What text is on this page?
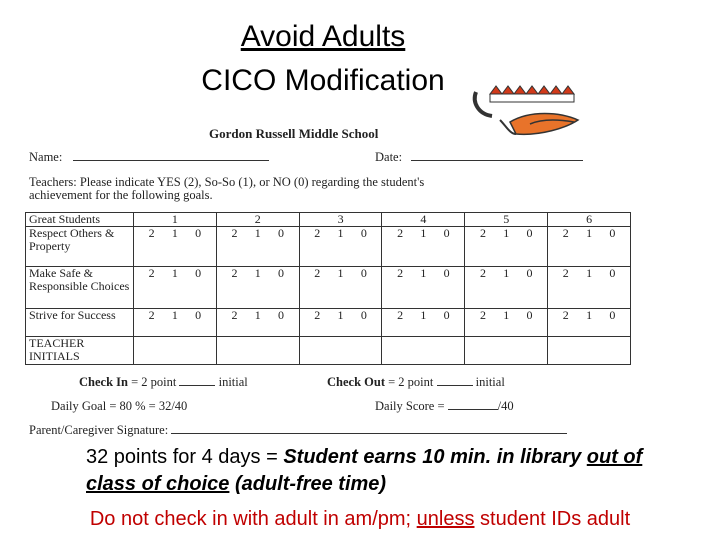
Avoid Adults
CICO Modification
Gordon Russell Middle School
Name:	Date:
Teachers: Please indicate YES (2), So-So (1), or NO (0) regarding the student's
achievement for the following goals.
Great Students	1	2	3	4	5	6
Respect Others & Property	2 1 0	2 1 0	2 1 0	2 1 0	2 1 0	2 1 0

Make Safe & Responsible Choices	2 1 0	2 1 0	2 1 0	2 1 0	2 1 0	2 1 0

Strive for Success	2 1 0	2 1 0	2 1 0	2 1 0	2 1 0	2 1 0

TEACHER INITIALS						
Check In = 2 point	initial	Check Out = 2 point	initial
Daily Goal = 80 % = 32/40	Daily Score =	/40
Parent/Caregiver Signature:
32 points for 4 days = Student earns 10 min. in library out of class of choice (adult-free time)
Do not check in with adult in am/pm; unless student IDs adult
